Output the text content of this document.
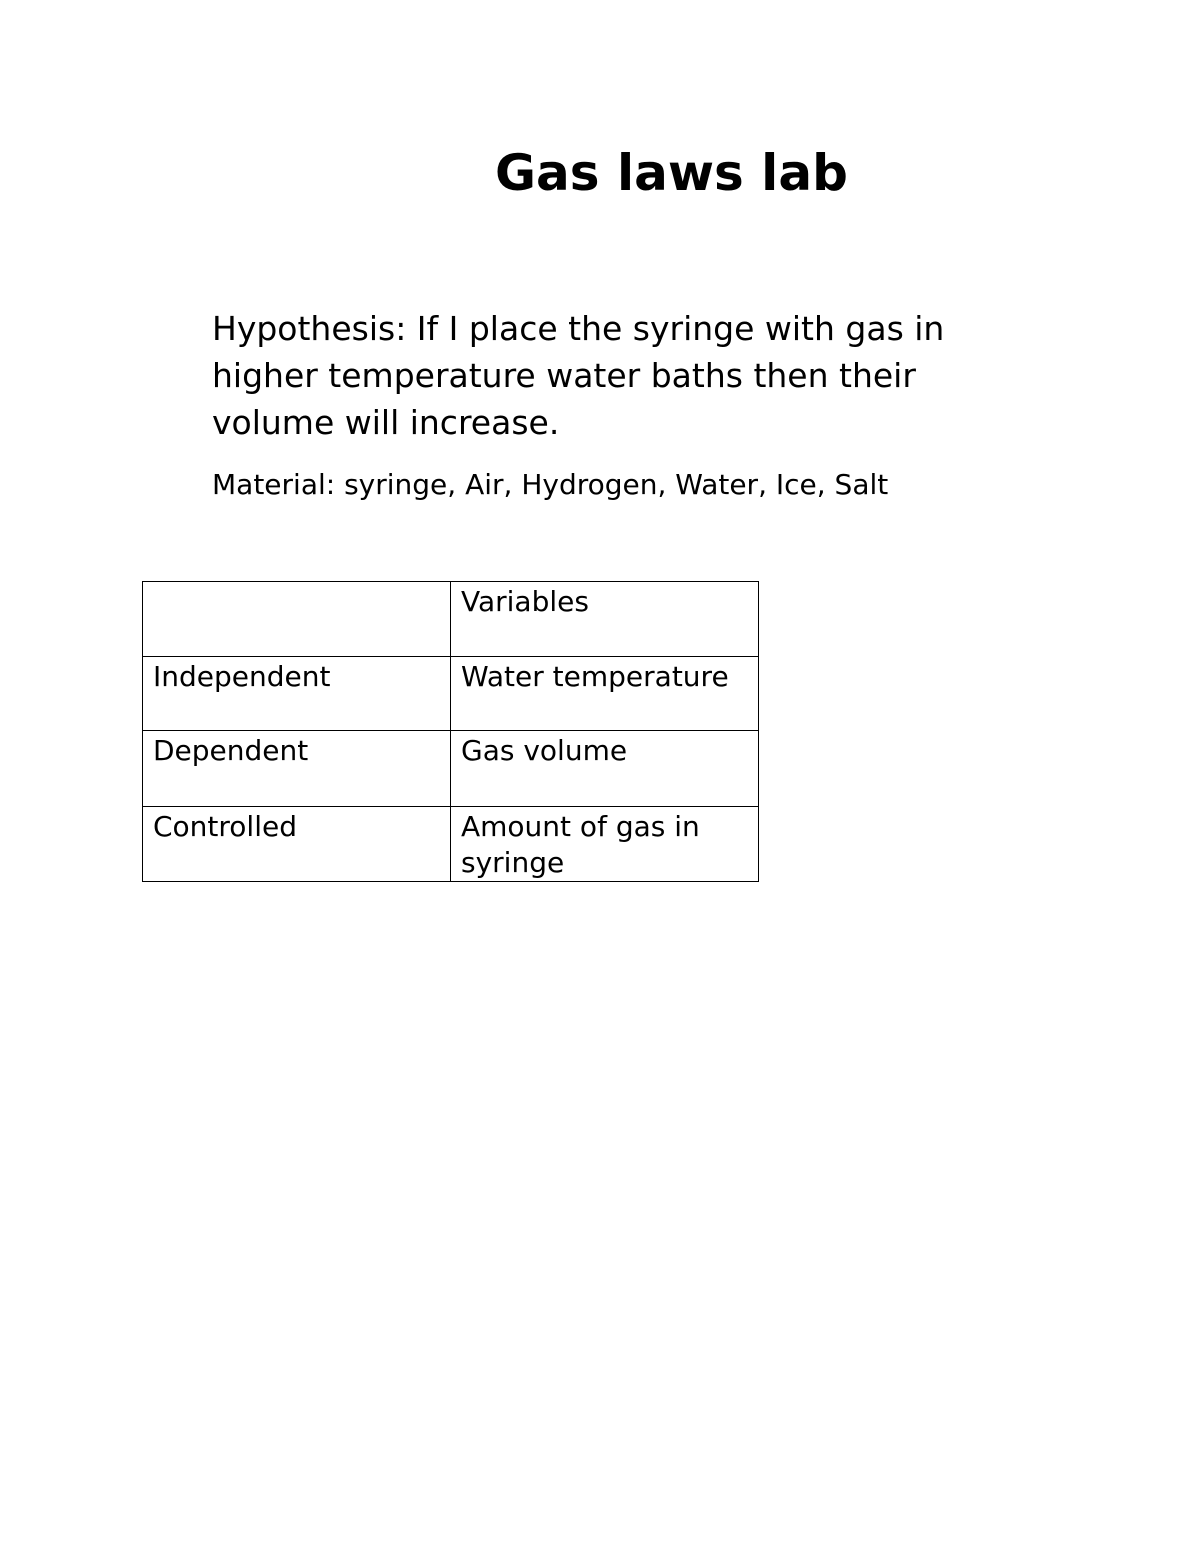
Gas laws lab

Hypothesis: If I place the syringe with gas in higher temperature water baths then their volume will increase.

Material: syringe, Air, Hydrogen, Water, Ice, Salt

	Variables
Independent	Water temperature
Dependent	Gas volume
Controlled	Amount of gas in syringe
